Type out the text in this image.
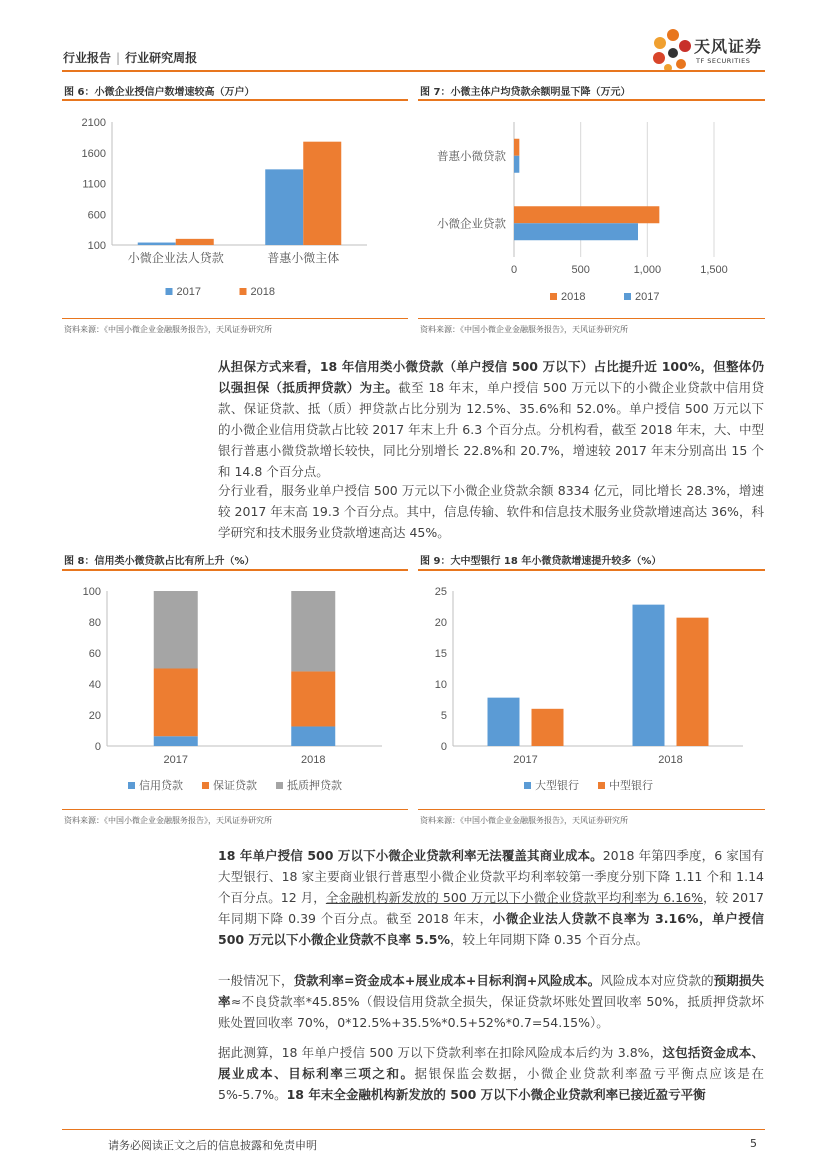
行业报告 | 行业研究周报
天风证券
TF SECURITIES
图 6：小微企业授信户数增速较高（万户）
100
600
1100
1600
2100
小微企业法人贷款	普惠小微主体
2017	2018
资料来源：《中国小微企业金融服务报告》，天风证券研究所
图 7：小微主体户均贷款余额明显下降（万元）
0	500	1,000	1,500
普惠小微贷款
小微企业贷款
2018	2017
资料来源：《中国小微企业金融服务报告》，天风证券研究所
从担保方式来看，18 年信用类小微贷款（单户授信 500 万以下）占比提升近 100%，但整体仍以强担保（抵质押贷款）为主。截至 18 年末，单户授信 500 万元以下的小微企业贷款中信用贷款、保证贷款、抵（质）押贷款占比分别为 12.5%、35.6%和 52.0%。单户授信 500 万元以下的小微企业信用贷款占比较 2017 年末上升 6.3 个百分点。分机构看，截至 2018 年末，大、中型银行普惠小微贷款增长较快，同比分别增长 22.8%和 20.7%，增速较 2017 年末分别高出 15 个和 14.8 个百分点。
分行业看，服务业单户授信 500 万元以下小微企业贷款余额 8334 亿元，同比增长 28.3%，增速较 2017 年末高 19.3 个百分点。其中，信息传输、软件和信息技术服务业贷款增速高达 36%，科学研究和技术服务业贷款增速高达 45%。
图 8：信用类小微贷款占比有所上升（%）
0
20
40
60
80
100
2017	2018
信用贷款	保证贷款	抵质押贷款
资料来源：《中国小微企业金融服务报告》，天风证券研究所
图 9：大中型银行 18 年小微贷款增速提升较多（%）
0
5
10
15
20
25
2017	2018
大型银行	中型银行
资料来源：《中国小微企业金融服务报告》，天风证券研究所
18 年单户授信 500 万以下小微企业贷款利率无法覆盖其商业成本。2018 年第四季度，6 家国有大型银行、18 家主要商业银行普惠型小微企业贷款平均利率较第一季度分别下降 1.11 个和 1.14 个百分点。12 月，全金融机构新发放的 500 万元以下小微企业贷款平均利率为 6.16%，较 2017 年同期下降 0.39 个百分点。截至 2018 年末，小微企业法人贷款不良率为 3.16%，单户授信 500 万元以下小微企业贷款不良率 5.5%，较上年同期下降 0.35 个百分点。
一般情况下，贷款利率=资金成本+展业成本+目标利润+风险成本。风险成本对应贷款的预期损失率≈不良贷款率*45.85%（假设信用贷款全损失，保证贷款坏账处置回收率 50%，抵质押贷款坏账处置回收率 70%，0*12.5%+35.5%*0.5+52%*0.7=54.15%）。
据此测算，18 年单户授信 500 万以下贷款利率在扣除风险成本后约为 3.8%，这包括资金成本、展业成本、目标利率三项之和。据银保监会数据，小微企业贷款利率盈亏平衡点应该是在 5%-5.7%。18 年末全金融机构新发放的 500 万以下小微企业贷款利率已接近盈亏平衡
请务必阅读正文之后的信息披露和免责申明	5
